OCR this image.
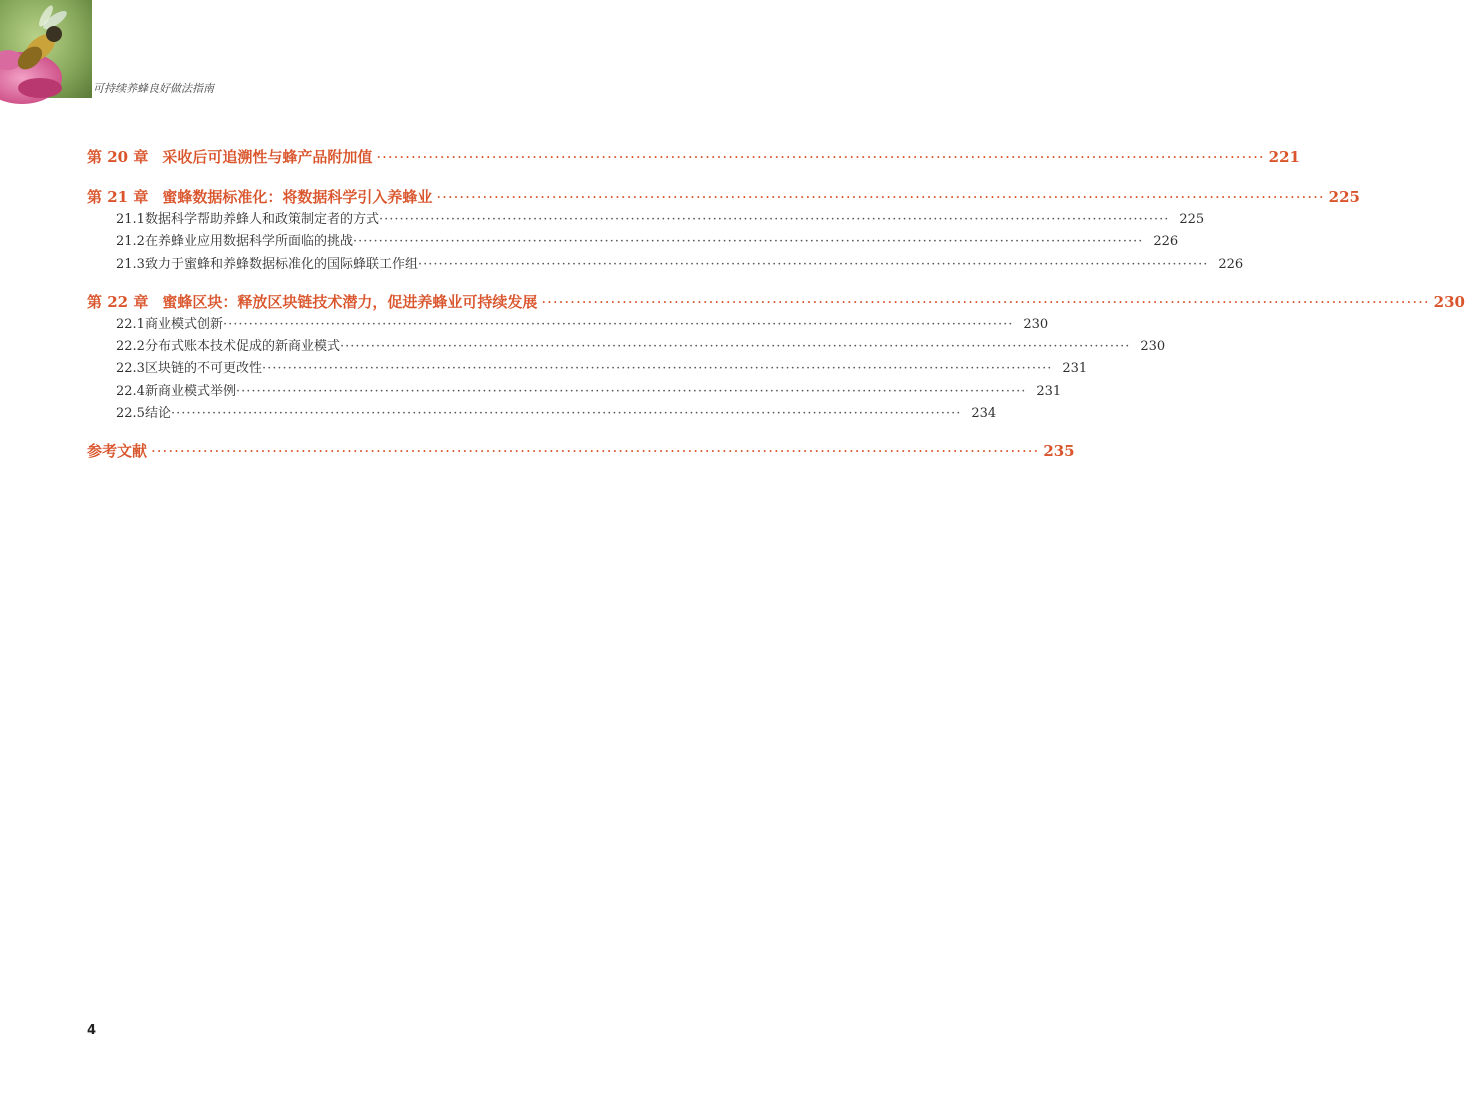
可持续养蜂良好做法指南
第 20 章 采收后可追溯性与蜂产品附加值 ·························································································································································· 221
第 21 章 蜜蜂数据标准化：将数据科学引入养蜂业 ·························································································································································· 225
21.1 数据科学帮助养蜂人和政策制定者的方式 ·························································································································································· 225
21.2 在养蜂业应用数据科学所面临的挑战 ·························································································································································· 226
21.3 致力于蜜蜂和养蜂数据标准化的国际蜂联工作组 ·························································································································································· 226
第 22 章 蜜蜂区块：释放区块链技术潜力，促进养蜂业可持续发展 ·························································································································································· 230
22.1 商业模式创新 ·························································································································································· 230
22.2 分布式账本技术促成的新商业模式 ·························································································································································· 230
22.3 区块链的不可更改性 ·························································································································································· 231
22.4 新商业模式举例 ·························································································································································· 231
22.5 结论 ·························································································································································· 234
参考文献 ·························································································································································· 235
4
